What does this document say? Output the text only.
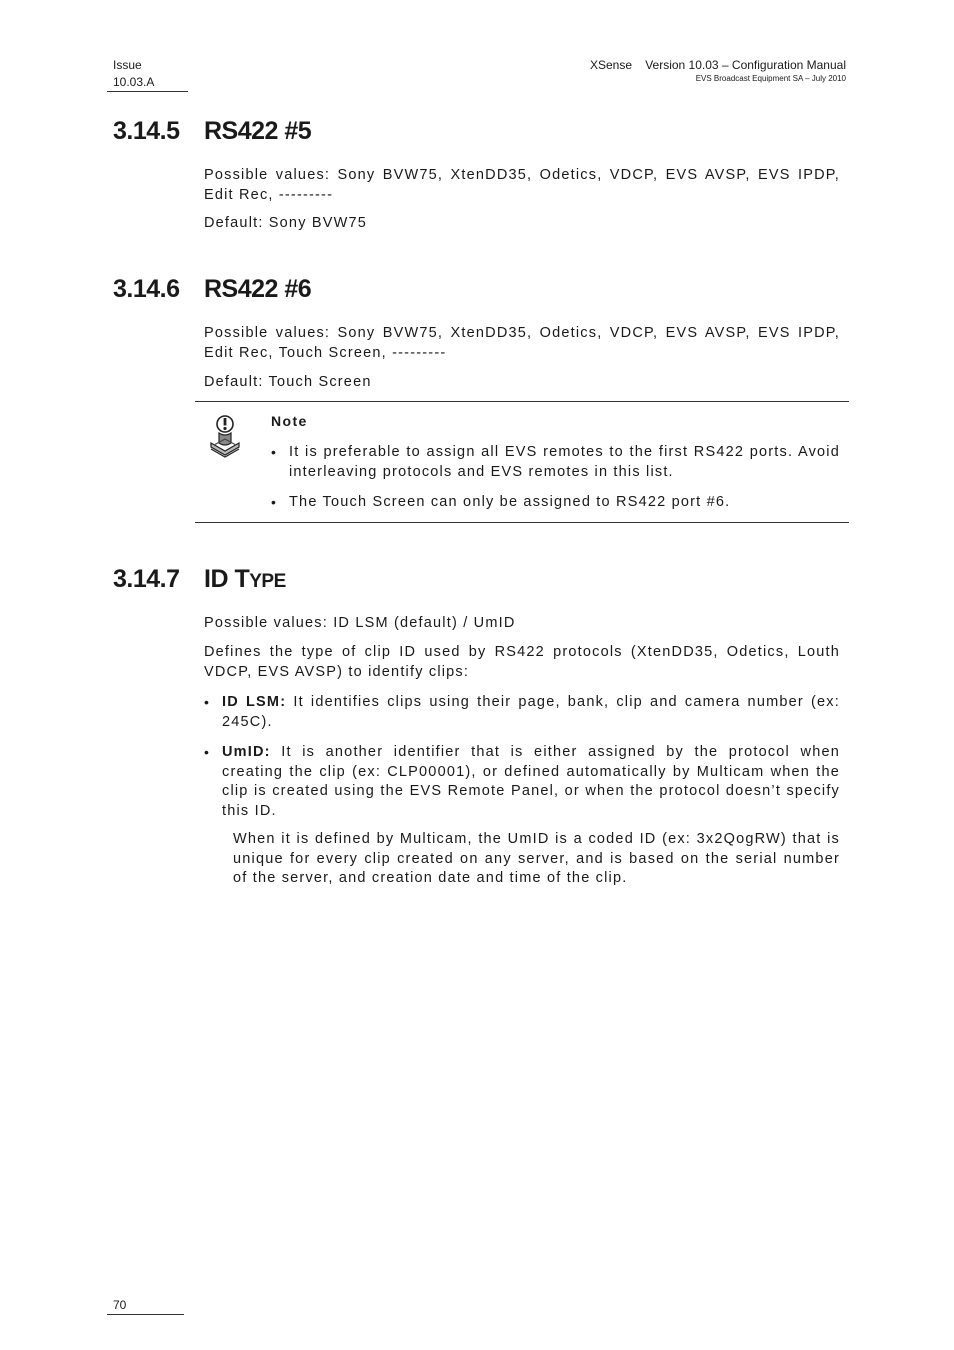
Issue
10.03.A
XSense Version 10.03 – Configuration Manual
EVS Broadcast Equipment SA – July 2010
3.14.5 RS422 #5

Possible values: Sony BVW75, XtenDD35, Odetics, VDCP, EVS AVSP, EVS IPDP, Edit Rec, ---------

Default: Sony BVW75

3.14.6 RS422 #6

Possible values: Sony BVW75, XtenDD35, Odetics, VDCP, EVS AVSP, EVS IPDP, Edit Rec, Touch Screen, ---------

Default: Touch Screen

Note
• It is preferable to assign all EVS remotes to the first RS422 ports. Avoid interleaving protocols and EVS remotes in this list.
• The Touch Screen can only be assigned to RS422 port #6.
3.14.7 ID TYPE

Possible values: ID LSM (default) / UmID

Defines the type of clip ID used by RS422 protocols (XtenDD35, Odetics, Louth VDCP, EVS AVSP) to identify clips:

• ID LSM: It identifies clips using their page, bank, clip and camera number (ex: 245C).
• UmID: It is another identifier that is either assigned by the protocol when creating the clip (ex: CLP00001), or defined automatically by Multicam when the clip is created using the EVS Remote Panel, or when the protocol doesn’t specify this ID.

When it is defined by Multicam, the UmID is a coded ID (ex: 3x2QogRW) that is unique for every clip created on any server, and is based on the serial number of the server, and creation date and time of the clip.

70
